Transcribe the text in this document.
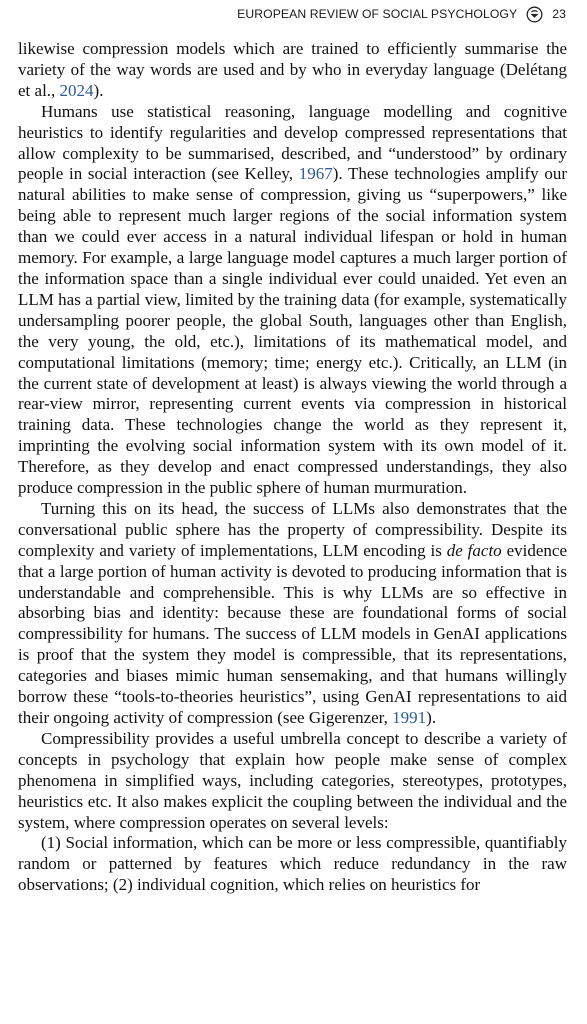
EUROPEAN REVIEW OF SOCIAL PSYCHOLOGY	23

likewise compression models which are trained to efficiently summarise the variety of the way words are used and by who in everyday language (Delétang et al., 2024).

Humans use statistical reasoning, language modelling and cognitive heuristics to identify regularities and develop compressed representations that allow complexity to be summarised, described, and “understood” by ordinary people in social interaction (see Kelley, 1967). These technologies amplify our natural abilities to make sense of compression, giving us “superpowers,” like being able to represent much larger regions of the social information system than we could ever access in a natural individual lifespan or hold in human memory. For example, a large language model captures a much larger portion of the information space than a single individual ever could unaided. Yet even an LLM has a partial view, limited by the training data (for example, systematically undersampling poorer people, the global South, languages other than English, the very young, the old, etc.), limitations of its mathematical model, and computational limitations (memory; time; energy etc.). Critically, an LLM (in the current state of development at least) is always viewing the world through a rear-view mirror, representing current events via compression in historical training data. These technologies change the world as they represent it, imprinting the evolving social information system with its own model of it. Therefore, as they develop and enact compressed understandings, they also produce compression in the public sphere of human murmuration.

Turning this on its head, the success of LLMs also demonstrates that the conversational public sphere has the property of compressibility. Despite its complexity and variety of implementations, LLM encoding is de facto evidence that a large portion of human activity is devoted to producing information that is understandable and comprehensible. This is why LLMs are so effective in absorbing bias and identity: because these are foundational forms of social compressibility for humans. The success of LLM models in GenAI applications is proof that the system they model is compressible, that its representations, categories and biases mimic human sensemaking, and that humans willingly borrow these “tools-to-theories heuristics”, using GenAI representations to aid their ongoing activity of compression (see Gigerenzer, 1991).

Compressibility provides a useful umbrella concept to describe a variety of concepts in psychology that explain how people make sense of complex phenomena in simplified ways, including categories, stereotypes, prototypes, heuristics etc. It also makes explicit the coupling between the individual and the system, where compression operates on several levels:

(1) Social information, which can be more or less compressible, quantifiably random or patterned by features which reduce redundancy in the raw observations; (2) individual cognition, which relies on heuristics for
